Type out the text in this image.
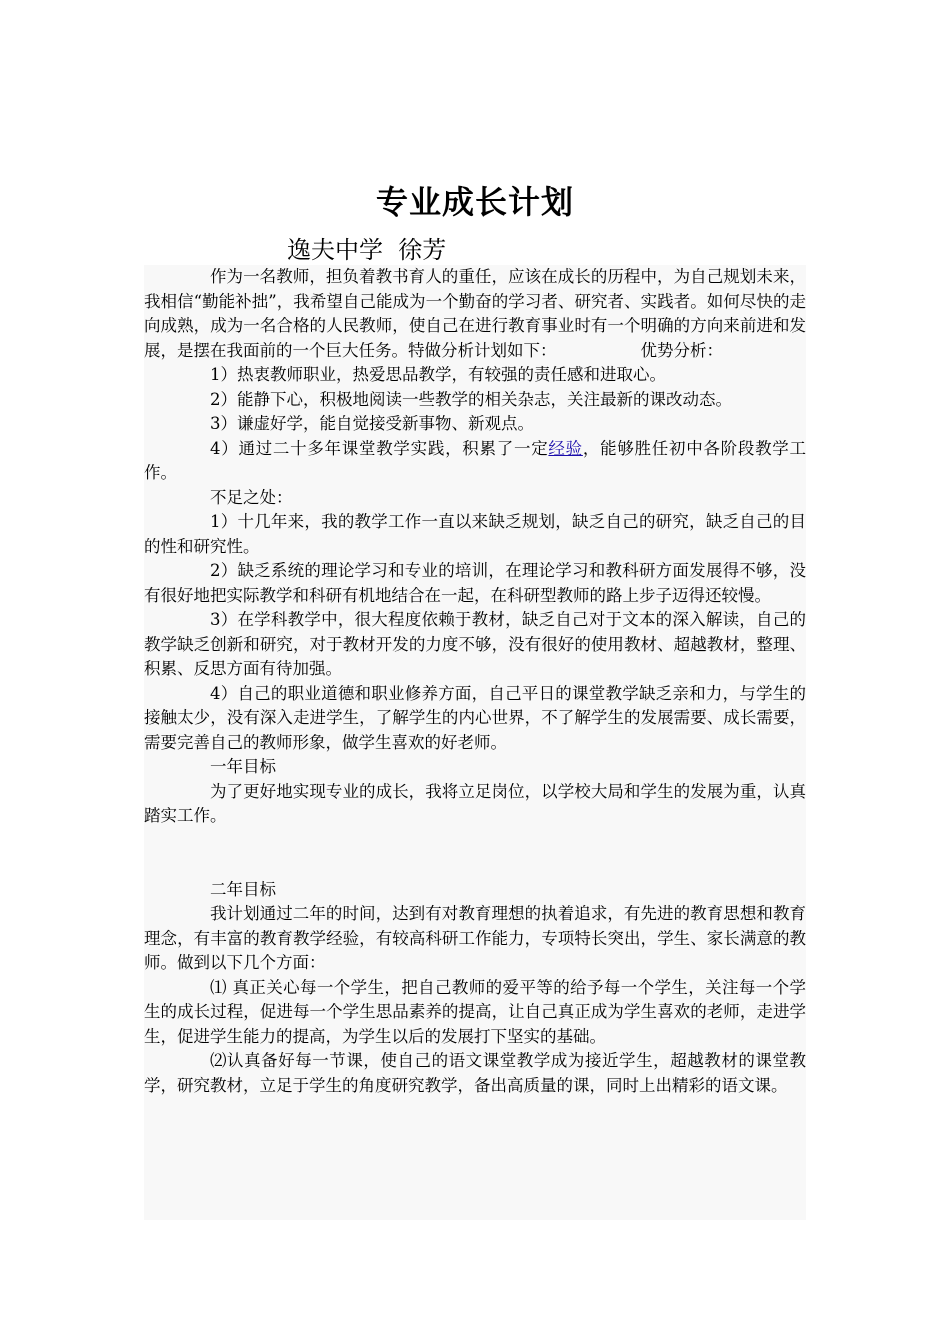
专业成长计划
逸夫中学  徐芳

作为一名教师，担负着教书育人的重任，应该在成长的历程中，为自己规划未来，我相信“勤能补拙”，我希望自己能成为一个勤奋的学习者、研究者、实践者。如何尽快的走向成熟，成为一名合格的人民教师，使自己在进行教育事业时有一个明确的方向来前进和发展，是摆在我面前的一个巨大任务。特做分析计划如下：	优势分析：

1）热衷教师职业，热爱思品教学，有较强的责任感和进取心。

2）能静下心，积极地阅读一些教学的相关杂志，关注最新的课改动态。

3）谦虚好学，能自觉接受新事物、新观点。

4）通过二十多年课堂教学实践，积累了一定经验，能够胜任初中各阶段教学工作。

不足之处：

1）十几年来，我的教学工作一直以来缺乏规划，缺乏自己的研究，缺乏自己的目的性和研究性。

2）缺乏系统的理论学习和专业的培训，在理论学习和教科研方面发展得不够，没有很好地把实际教学和科研有机地结合在一起，在科研型教师的路上步子迈得还较慢。

3）在学科教学中，很大程度依赖于教材，缺乏自己对于文本的深入解读，自己的教学缺乏创新和研究，对于教材开发的力度不够，没有很好的使用教材、超越教材，整理、积累、反思方面有待加强。

4）自己的职业道德和职业修养方面，自己平日的课堂教学缺乏亲和力，与学生的接触太少，没有深入走进学生，了解学生的内心世界，不了解学生的发展需要、成长需要，需要完善自己的教师形象，做学生喜欢的好老师。

一年目标

为了更好地实现专业的成长，我将立足岗位，以学校大局和学生的发展为重，认真踏实工作。

二年目标

我计划通过二年的时间，达到有对教育理想的执着追求，有先进的教育思想和教育理念，有丰富的教育教学经验，有较高科研工作能力，专项特长突出，学生、家长满意的教师。做到以下几个方面：

⑴ 真正关心每一个学生，把自己教师的爱平等的给予每一个学生，关注每一个学生的成长过程，促进每一个学生思品素养的提高，让自己真正成为学生喜欢的老师，走进学生，促进学生能力的提高，为学生以后的发展打下坚实的基础。

⑵认真备好每一节课，使自己的语文课堂教学成为接近学生，超越教材的课堂教学，研究教材，立足于学生的角度研究教学，备出高质量的课，同时上出精彩的语文课。
